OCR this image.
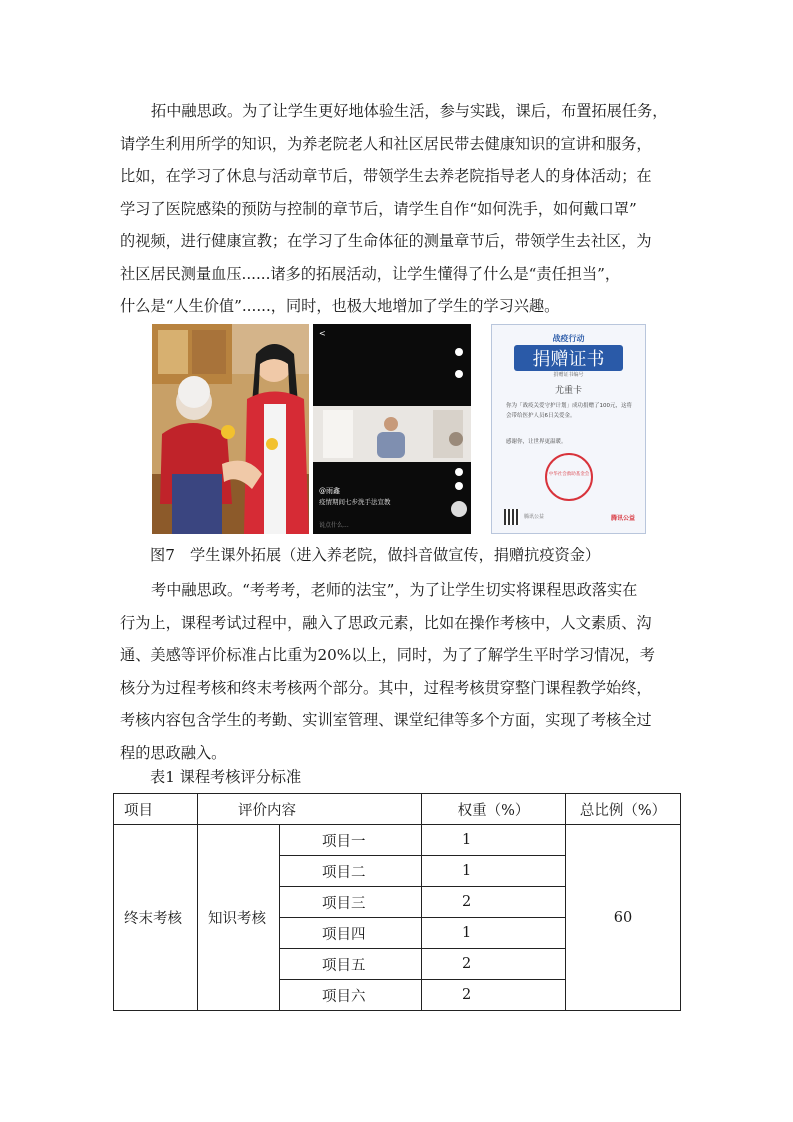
拓中融思政。为了让学生更好地体验生活，参与实践，课后，布置拓展任务，
请学生利用所学的知识，为养老院老人和社区居民带去健康知识的宣讲和服务，
比如，在学习了休息与活动章节后，带领学生去养老院指导老人的身体活动；在
学习了医院感染的预防与控制的章节后，请学生自作“如何洗手，如何戴口罩”
的视频，进行健康宣教；在学习了生命体征的测量章节后，带领学生去社区，为
社区居民测量血压......诸多的拓展活动，让学生懂得了什么是“责任担当”，
什么是“人生价值”......，同时，也极大地增加了学生的学习兴趣。
<
@雨鑫
疫情期间七步洗手法宣教
说点什么...
战疫行动
捐赠证书
捐赠证书编号
尤重卡
你为「战疫关爱守护计划」成功捐赠了100元，这将会带给医护人员6日关爱金。
感谢你，让世界更温暖。
中华社会救助基金会
腾讯公益	腾讯公益

图7　学生课外拓展（进入养老院，做抖音做宣传，捐赠抗疫资金）

考中融思政。“考考考，老师的法宝”，为了让学生切实将课程思政落实在
行为上，课程考试过程中，融入了思政元素，比如在操作考核中，人文素质、沟
通、美感等评价标准占比重为20%以上，同时，为了了解学生平时学习情况，考
核分为过程考核和终末考核两个部分。其中，过程考核贯穿整门课程教学始终，
考核内容包含学生的考勤、实训室管理、课堂纪律等多个方面，实现了考核全过
程的思政融入。

表1 课程考核评分标准

项目	评价内容		权重（%）	总比例（%）
终末考核	知识考核	项目一	1	60
		项目二	1	
		项目三	2	
		项目四	1	
		项目五	2	
		项目六	2	
